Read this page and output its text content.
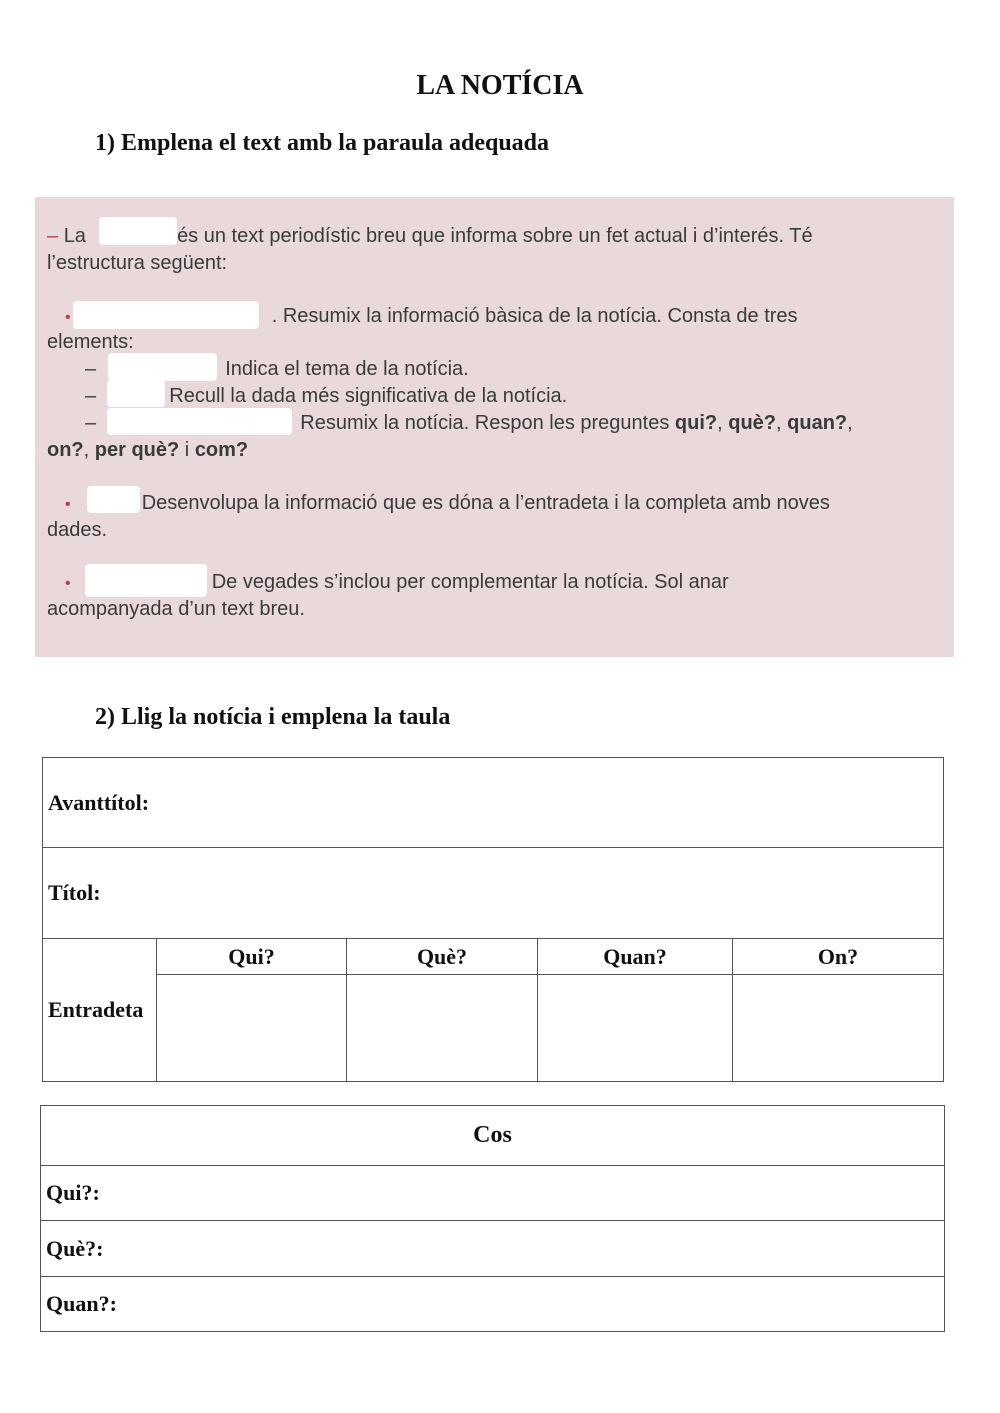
LA NOTÍCIA
1) Emplena el text amb la paraula adequada
– La	és un text periodístic breu que informa sobre un fet actual i d’interés. Té
l’estructura següent:
•	. Resumix la informació bàsica de la notícia. Consta de tres
elements:
–	Indica el tema de la notícia.
–	Recull la dada més significativa de la notícia.
–	Resumix la notícia. Respon les preguntes qui?, què?, quan?,
on?, per què? i com?
•	Desenvolupa la informació que es dóna a l’entradeta i la completa amb noves
dades.
•	De vegades s’inclou per complementar la notícia. Sol anar
acompanyada d’un text breu.
2) Llig la notícia i emplena la taula
Avanttítol:				
Títol:				
Entradeta	Qui?	Què?	Quan?	On?

Cos
Qui?:
Què?:
Quan?:
